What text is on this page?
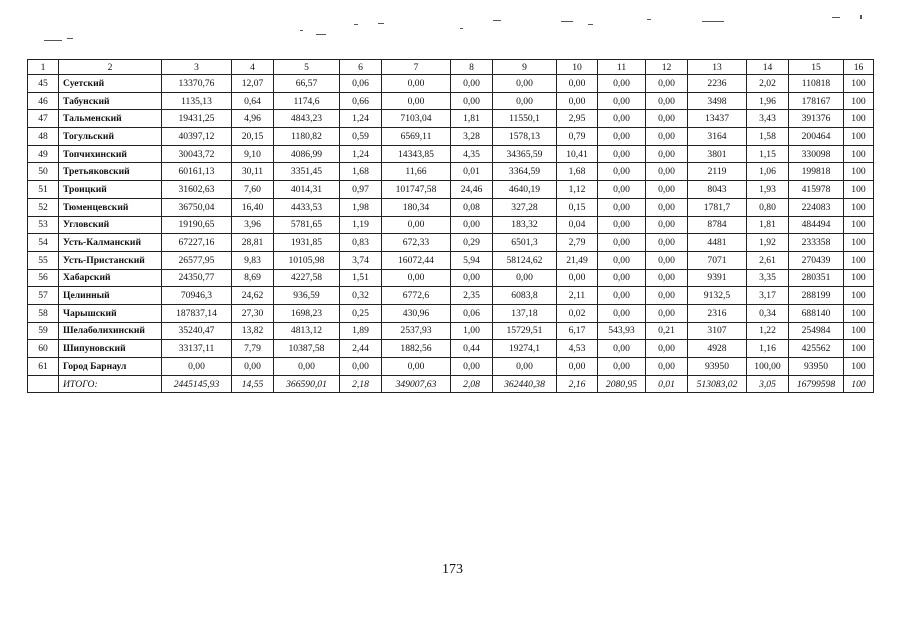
1	2	3	4	5	6	7	8	9	10	11	12	13	14	15	16
45	Суетский	13370,76	12,07	66,57	0,06	0,00	0,00	0,00	0,00	0,00	0,00	2236	2,02	110818	100
46	Табунский	1135,13	0,64	1174,6	0,66	0,00	0,00	0,00	0,00	0,00	0,00	3498	1,96	178167	100
47	Тальменский	19431,25	4,96	4843,23	1,24	7103,04	1,81	11550,1	2,95	0,00	0,00	13437	3,43	391376	100
48	Тогульский	40397,12	20,15	1180,82	0,59	6569,11	3,28	1578,13	0,79	0,00	0,00	3164	1,58	200464	100
49	Топчихинский	30043,72	9,10	4086,99	1,24	14343,85	4,35	34365,59	10,41	0,00	0,00	3801	1,15	330098	100
50	Третьяковский	60161,13	30,11	3351,45	1,68	11,66	0,01	3364,59	1,68	0,00	0,00	2119	1,06	199818	100
51	Троицкий	31602,63	7,60	4014,31	0,97	101747,58	24,46	4640,19	1,12	0,00	0,00	8043	1,93	415978	100
52	Тюменцевский	36750,04	16,40	4433,53	1,98	180,34	0,08	327,28	0,15	0,00	0,00	1781,7	0,80	224083	100
53	Угловский	19190,65	3,96	5781,65	1,19	0,00	0,00	183,32	0,04	0,00	0,00	8784	1,81	484494	100
54	Усть-Калманский	67227,16	28,81	1931,85	0,83	672,33	0,29	6501,3	2,79	0,00	0,00	4481	1,92	233358	100
55	Усть-Пристанский	26577,95	9,83	10105,98	3,74	16072,44	5,94	58124,62	21,49	0,00	0,00	7071	2,61	270439	100
56	Хабарский	24350,77	8,69	4227,58	1,51	0,00	0,00	0,00	0,00	0,00	0,00	9391	3,35	280351	100
57	Целинный	70946,3	24,62	936,59	0,32	6772,6	2,35	6083,8	2,11	0,00	0,00	9132,5	3,17	288199	100
58	Чарышский	187837,14	27,30	1698,23	0,25	430,96	0,06	137,18	0,02	0,00	0,00	2316	0,34	688140	100
59	Шелаболихинский	35240,47	13,82	4813,12	1,89	2537,93	1,00	15729,51	6,17	543,93	0,21	3107	1,22	254984	100
60	Шипуновский	33137,11	7,79	10387,58	2,44	1882,56	0,44	19274,1	4,53	0,00	0,00	4928	1,16	425562	100
61	Город Барнаул	0,00	0,00	0,00	0,00	0,00	0,00	0,00	0,00	0,00	0,00	93950	100,00	93950	100
	ИТОГО:	2445145,93	14,55	366590,01	2,18	349007,63	2,08	362440,38	2,16	2080,95	0,01	513083,02	3,05	16799598	100
173
